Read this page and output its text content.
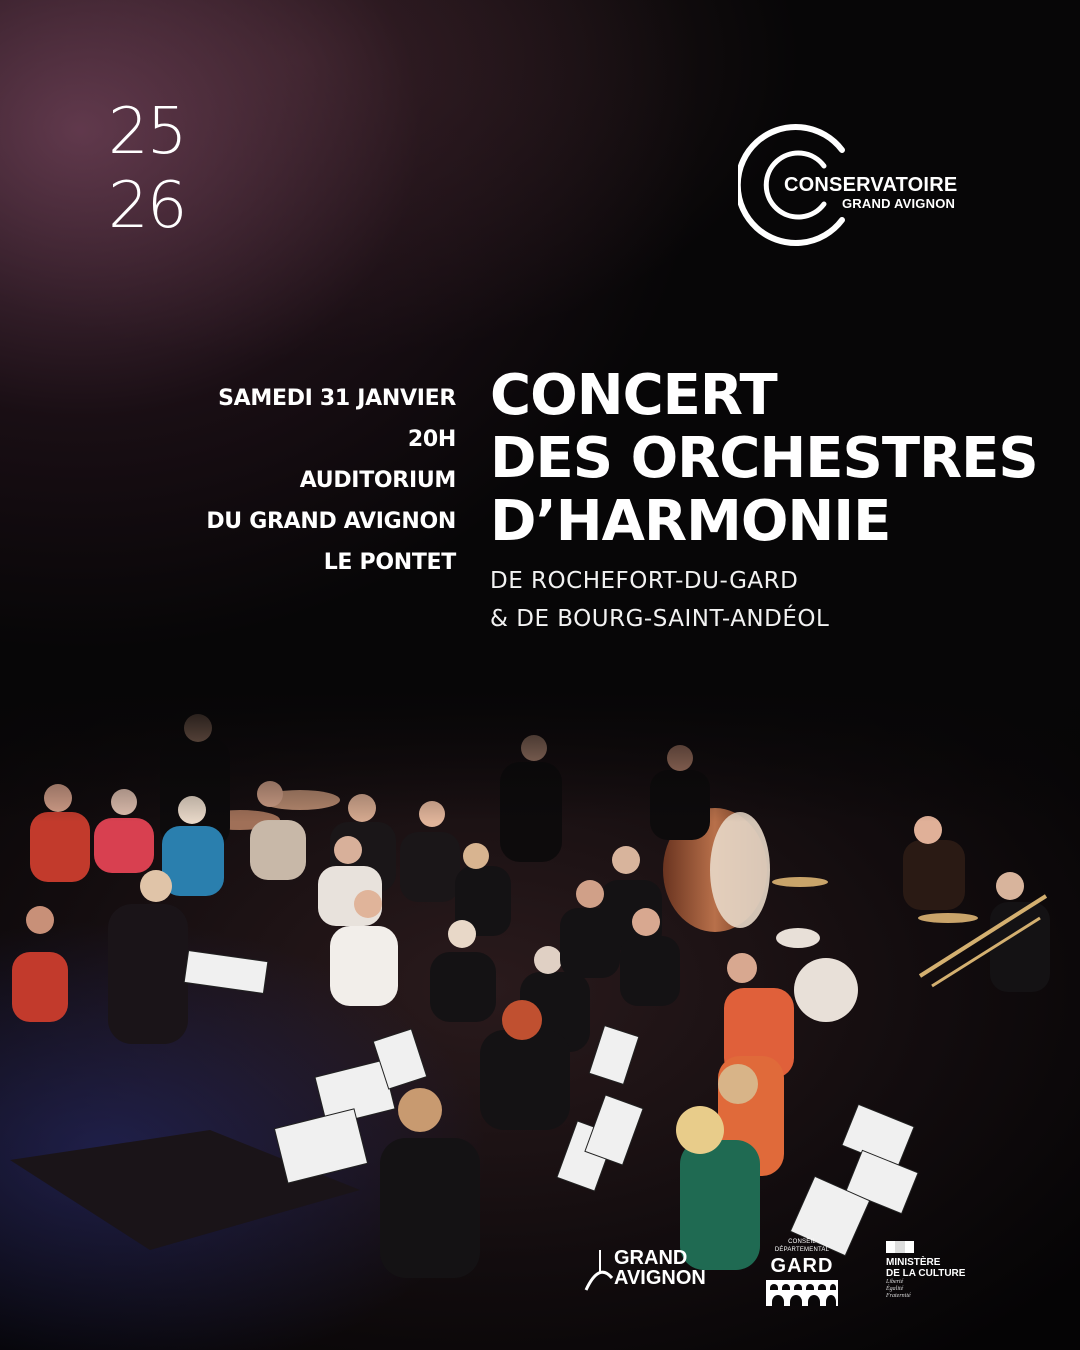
25
26	CONSERVATOIRE
GRAND AVIGNON
SAMEDI 31 JANVIER
20H
AUDITORIUM
DU GRAND AVIGNON
LE PONTET
CONCERT
DES ORCHESTRES
D’HARMONIE
DE ROCHEFORT-DU-GARD
& DE BOURG-SAINT-ANDÉOL
GRAND
AVIGNON
CONSEIL
DÉPARTEMENTAL
GARD	MINISTÈRE
DE LA CULTURE
Liberté
Égalité
Fraternité
